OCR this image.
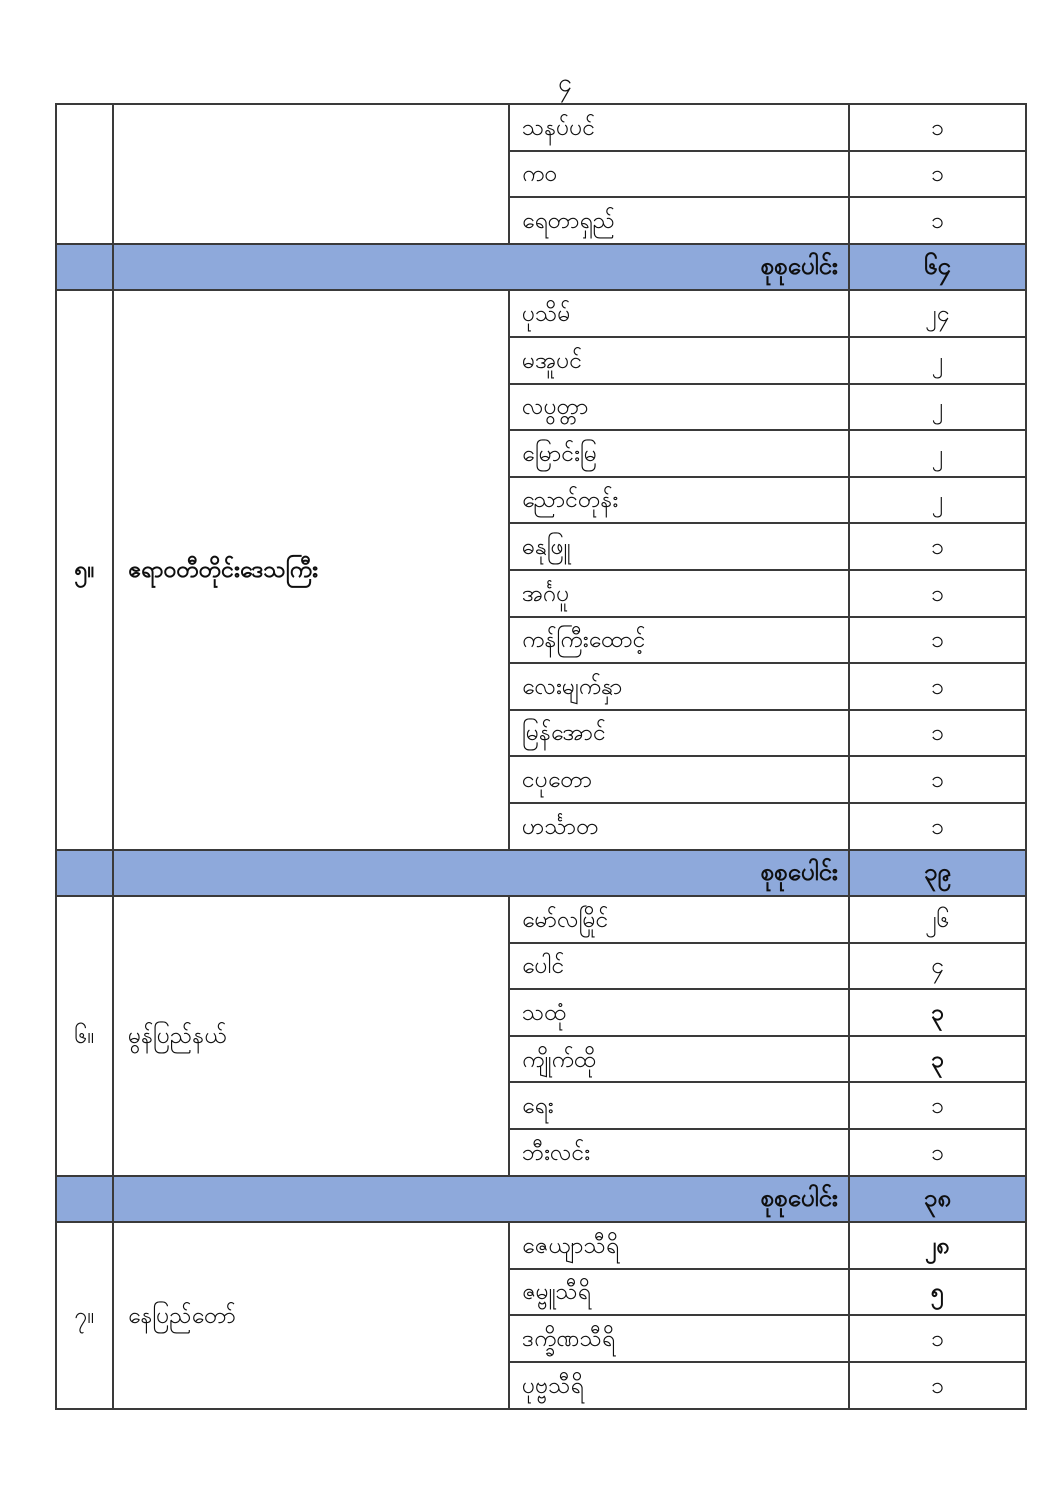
၄

သနပ်ပင်	၁

ကဝ	၁

ရေတာရှည်	၁

စုစုပေါင်း		၆၄

၅။	ဧရာဝတီတိုင်းဒေသကြီး	ပုသိမ်	၂၄

မအူပင်	၂

လပွတ္တာ	၂

မြောင်းမြ	၂

ညောင်တုန်း	၂

ဓနုဖြူ	၁

အင်္ဂပူ	၁

ကန်ကြီးထောင့်	၁

လေးမျက်နှာ	၁

မြန်အောင်	၁

ငပုတော	၁

ဟင်္သာတ	၁

စုစုပေါင်း		၃၉

၆။	မွန်ပြည်နယ်	မော်လမြိုင်	၂၆

ပေါင်	၄

သထုံ	၃

ကျိုက်ထို	၃

ရေး	၁

ဘီးလင်း	၁

စုစုပေါင်း		၃၈

၇။	နေပြည်တော်	ဇေယျာသီရိ	၂၈

ဇမ္ဗူသီရိ	၅

ဒက္ခိဏသီရိ	၁

ပုဗ္ဗသီရိ	၁
